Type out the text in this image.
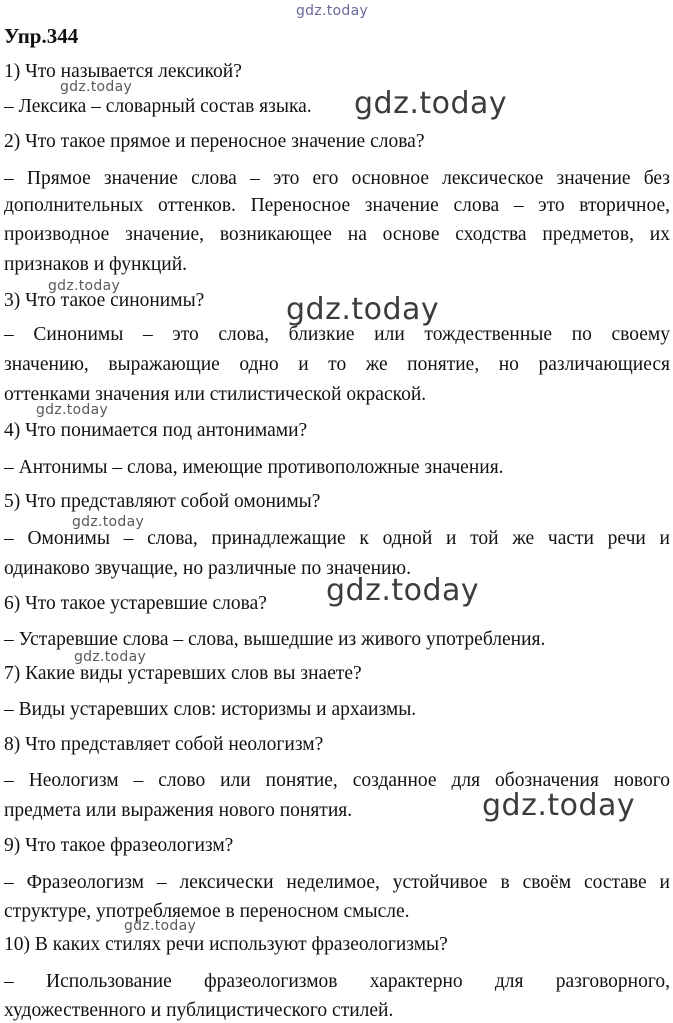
gdz.today
Упр.344
1) Что называется лексикой?
gdz.today
– Лексика – словарный состав языка.	gdz.today
2) Что такое прямое и переносное значение слова?
– Прямое значение слова – это его основное лексическое значение без
дополнительных оттенков. Переносное значение слова – это вторичное,
производное значение, возникающее на основе сходства предметов, их
признаков и функций.
gdz.today
3) Что такое синонимы?	gdz.today
– Синонимы – это слова, близкие или тождественные по своему
значению, выражающие одно и то же понятие, но различающиеся
оттенками значения или стилистической окраской.
gdz.today
4) Что понимается под антонимами?
– Антонимы – слова, имеющие противоположные значения.
5) Что представляют собой омонимы?
gdz.today
– Омонимы – слова, принадлежащие к одной и той же части речи и
одинаково звучащие, но различные по значению.
gdz.today
6) Что такое устаревшие слова?
– Устаревшие слова – слова, вышедшие из живого употребления.
gdz.today
7) Какие виды устаревших слов вы знаете?
– Виды устаревших слов: историзмы и архаизмы.
8) Что представляет собой неологизм?
– Неологизм – слово или понятие, созданное для обозначения нового
предмета или выражения нового понятия.	gdz.today
9) Что такое фразеологизм?
– Фразеологизм – лексически неделимое, устойчивое в своём составе и
структуре, употребляемое в переносном смысле.
gdz.today
10) В каких стилях речи используют фразеологизмы?
– Использование фразеологизмов характерно для разговорного,
художественного и публицистического стилей.
